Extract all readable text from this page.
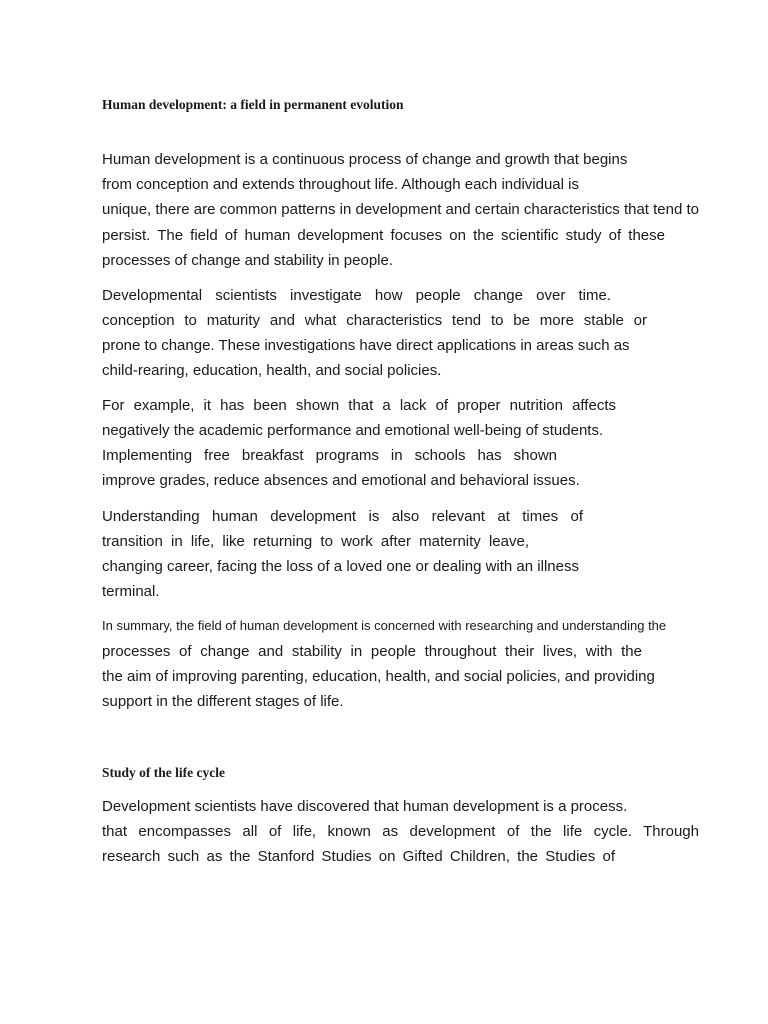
Human development: a field in permanent evolution

Human development is a continuous process of change and growth that begins

from conception and extends throughout life. Although each individual is

unique, there are common patterns in development and certain characteristics that tend to

persist. The field of human development focuses on the scientific study of these

processes of change and stability in people.

Developmental scientists investigate how people change over time.

conception to maturity and what characteristics tend to be more stable or

prone to change. These investigations have direct applications in areas such as

child-rearing, education, health, and social policies.

For example, it has been shown that a lack of proper nutrition affects

negatively the academic performance and emotional well-being of students.

Implementing free breakfast programs in schools has shown

improve grades, reduce absences and emotional and behavioral issues.

Understanding human development is also relevant at times of

transition in life, like returning to work after maternity leave,

changing career, facing the loss of a loved one or dealing with an illness

terminal.

In summary, the field of human development is concerned with researching and understanding the

processes of change and stability in people throughout their lives, with the

the aim of improving parenting, education, health, and social policies, and providing

support in the different stages of life.

Study of the life cycle

Development scientists have discovered that human development is a process.

that encompasses all of life, known as development of the life cycle. Through

research such as the Stanford Studies on Gifted Children, the Studies of
